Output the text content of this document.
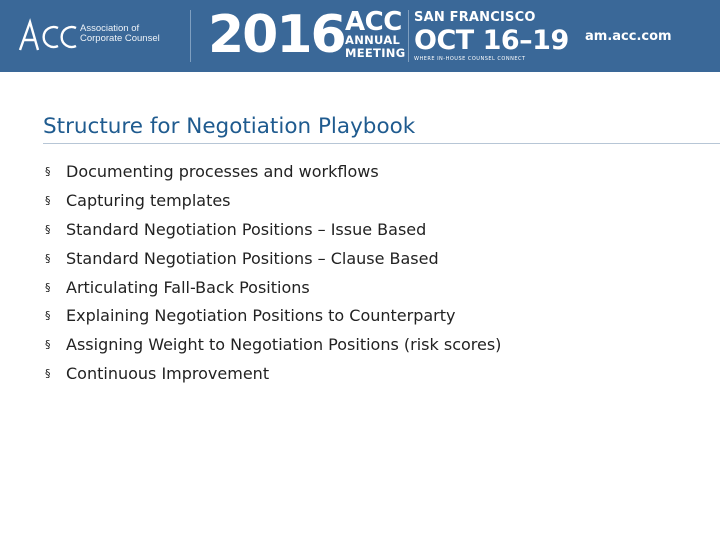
Association of
Corporate Counsel 2016 ACC
ANNUAL
MEETING
SAN FRANCISCO
OCT 16–19
WHERE IN-HOUSE COUNSEL CONNECT
am.acc.com
Structure for Negotiation Playbook
§ Documenting processes and workflows
§ Capturing templates
§ Standard Negotiation Positions – Issue Based
§ Standard Negotiation Positions – Clause Based
§ Articulating Fall-Back Positions
§ Explaining Negotiation Positions to Counterparty
§ Assigning Weight to Negotiation Positions (risk scores)
§ Continuous Improvement
